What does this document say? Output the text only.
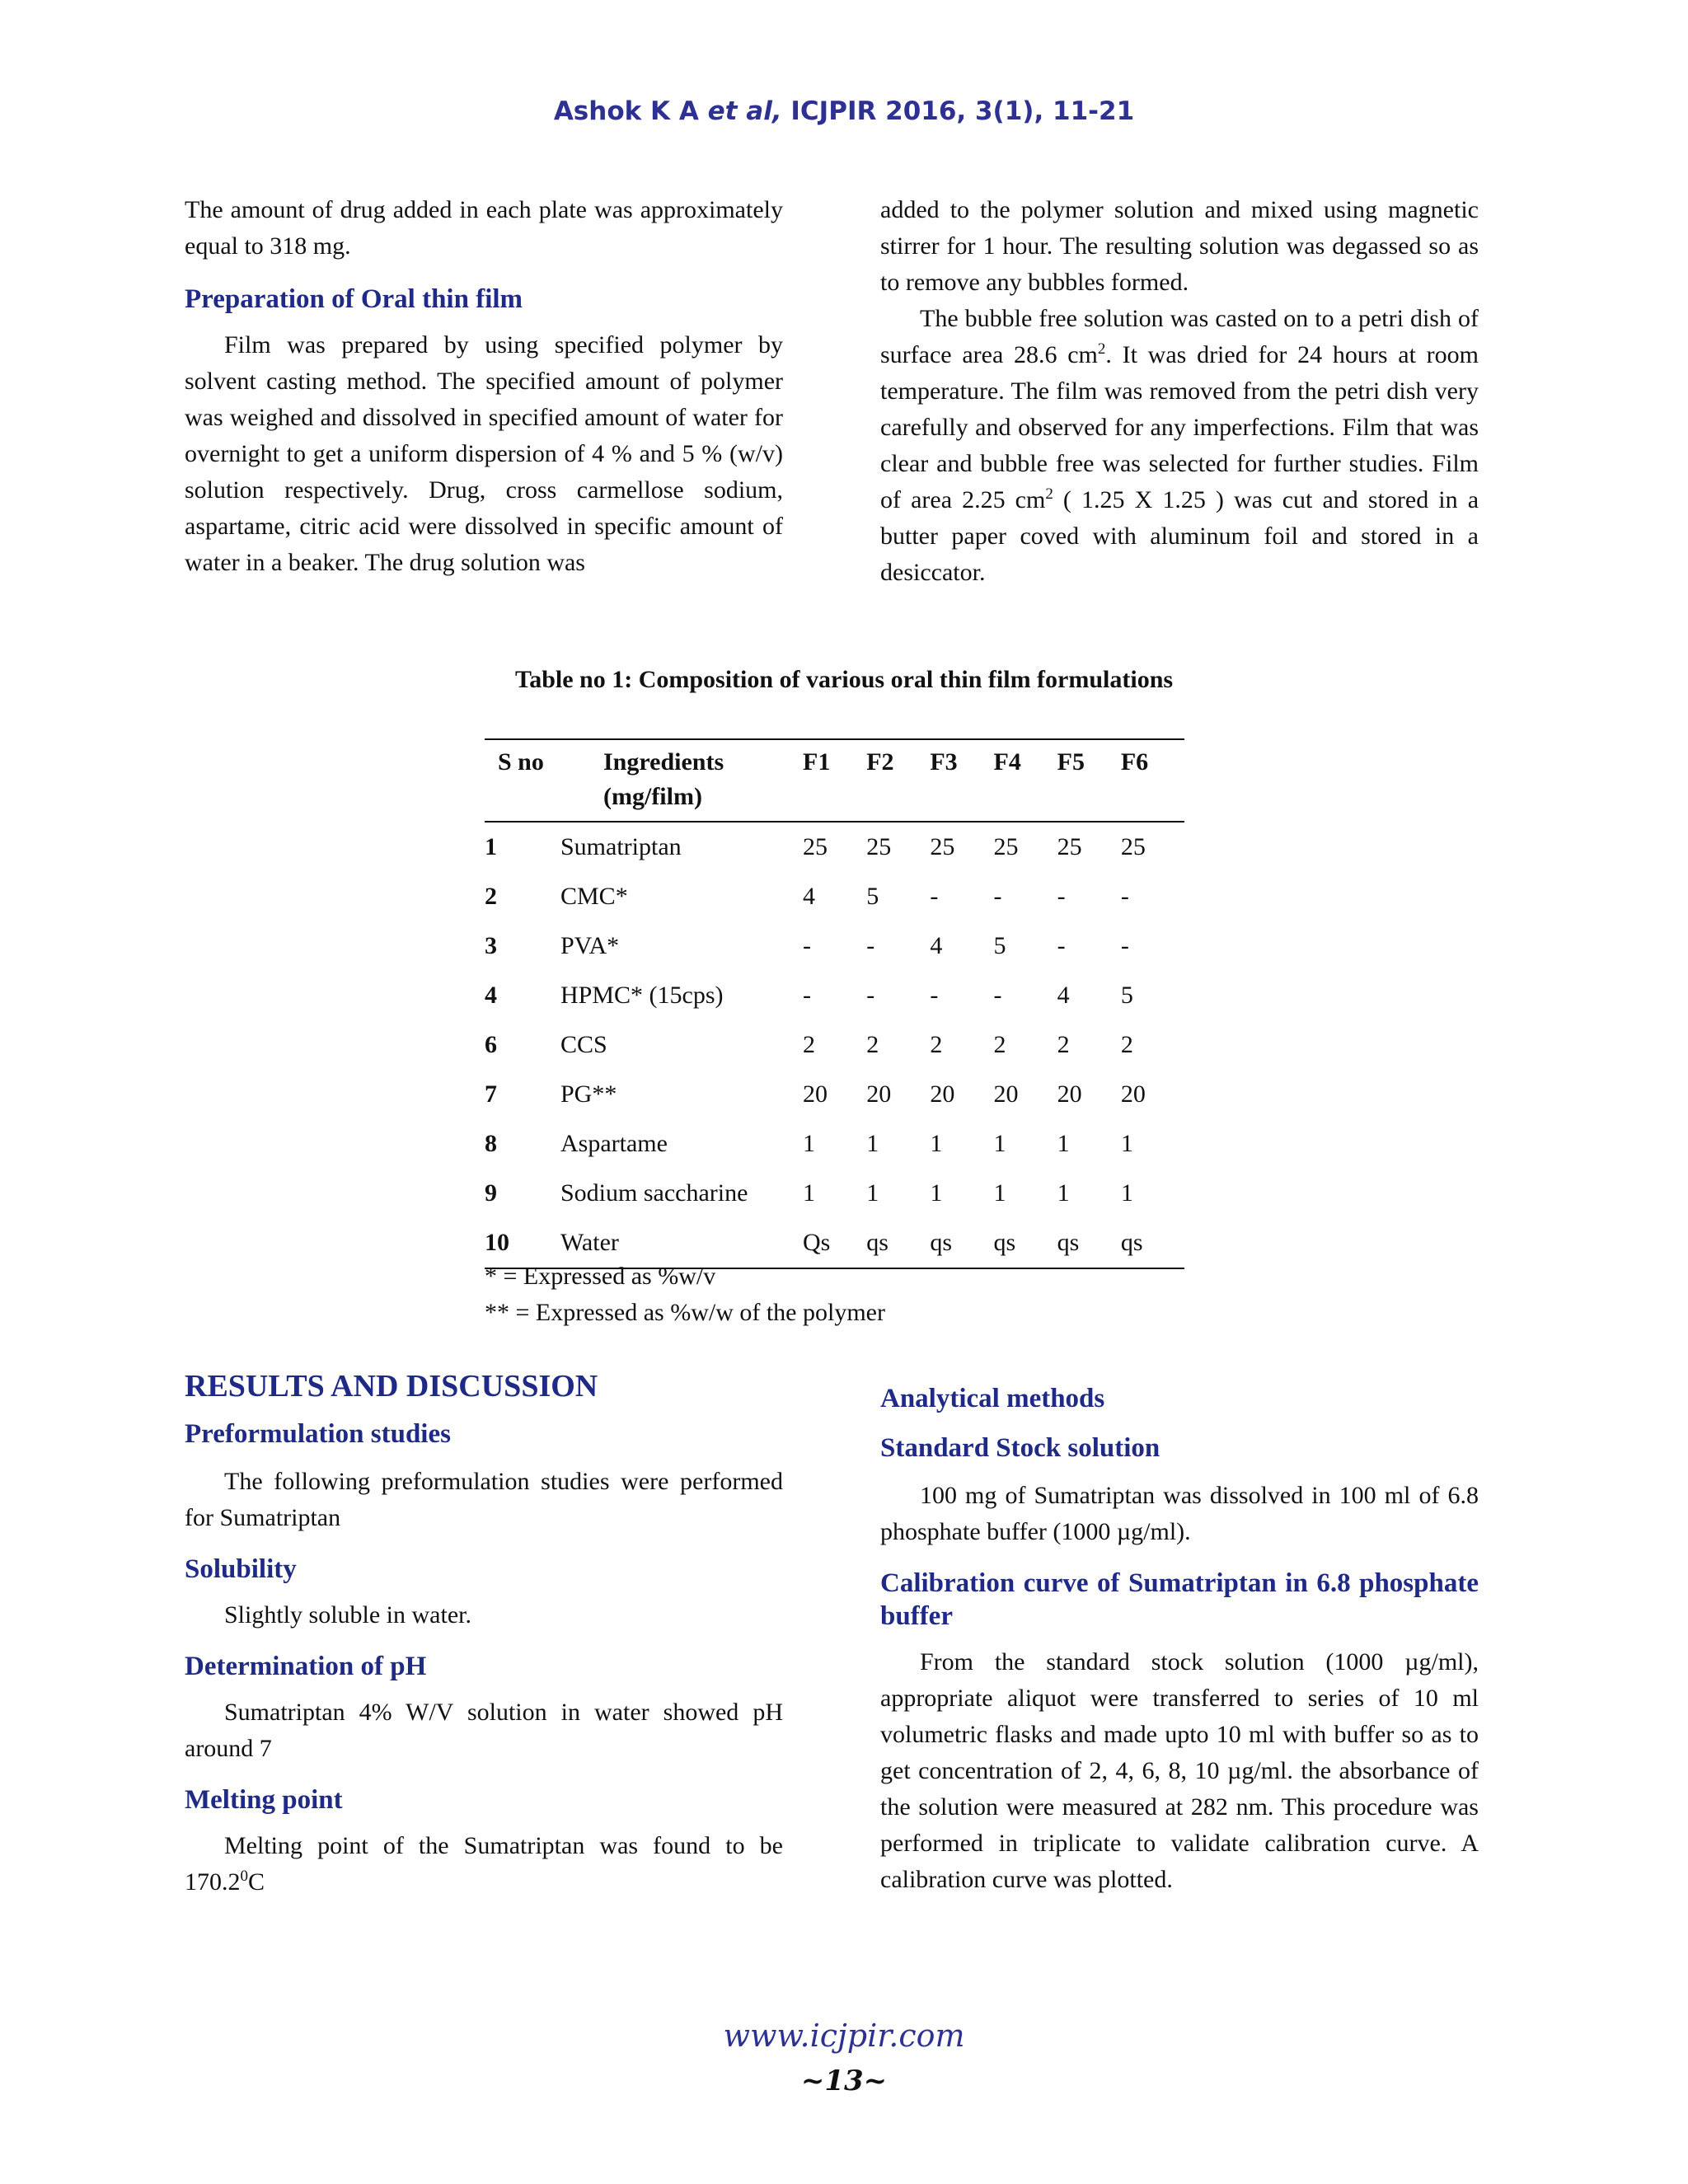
Ashok K A et al, ICJPIR 2016, 3(1), 11-21

The amount of drug added in each plate was approximately equal to 318 mg.

Preparation of Oral thin film

Film was prepared by using specified polymer by solvent casting method. The specified amount of polymer was weighed and dissolved in specified amount of water for overnight to get a uniform dispersion of 4 % and 5 % (w/v) solution respectively. Drug, cross carmellose sodium, aspartame, citric acid were dissolved in specific amount of water in a beaker. The drug solution was

added to the polymer solution and mixed using magnetic stirrer for 1 hour. The resulting solution was degassed so as to remove any bubbles formed.

The bubble free solution was casted on to a petri dish of surface area 28.6 $cm^2$. It was dried for 24 hours at room temperature. The film was removed from the petri dish very carefully and observed for any imperfections. Film that was clear and bubble free was selected for further studies. Film of area 2.25 $cm^2$ ( 1.25 X 1.25 ) was cut and stored in a butter paper coved with aluminum foil and stored in a desiccator.

Table no 1: Composition of various oral thin film formulations
S no	Ingredients (mg/film)	F1	F2	F3	F4	F5	F6
1	Sumatriptan	25	25	25	25	25	25
2	CMC*	4	5	-	-	-	-
3	PVA*	-	-	4	5	-	-
4	HPMC* (15cps)	-	-	-	-	4	5
6	CCS	2	2	2	2	2	2
7	PG**	20	20	20	20	20	20
8	Aspartame	1	1	1	1	1	1
9	Sodium saccharine	1	1	1	1	1	1
10	Water	Qs	qs	qs	qs	qs	qs
* = Expressed as %w/v
** = Expressed as %w/w of the polymer

RESULTS AND DISCUSSION

Preformulation studies

The following preformulation studies were performed for Sumatriptan

Solubility

Slightly soluble in water.

Determination of pH

Sumatriptan 4% W/V solution in water showed pH around 7

Melting point

Melting point of the Sumatriptan was found to be 170.2$^0$C

Analytical methods

Standard Stock solution

100 mg of Sumatriptan was dissolved in 100 ml of 6.8 phosphate buffer (1000 µg/ml).

Calibration curve of Sumatriptan in 6.8 phosphate buffer

From the standard stock solution (1000 µg/ml), appropriate aliquot were transferred to series of 10 ml volumetric flasks and made upto 10 ml with buffer so as to get concentration of 2, 4, 6, 8, 10 µg/ml. the absorbance of the solution were measured at 282 nm. This procedure was performed in triplicate to validate calibration curve. A calibration curve was plotted.

www.icjpir.com
~13~
